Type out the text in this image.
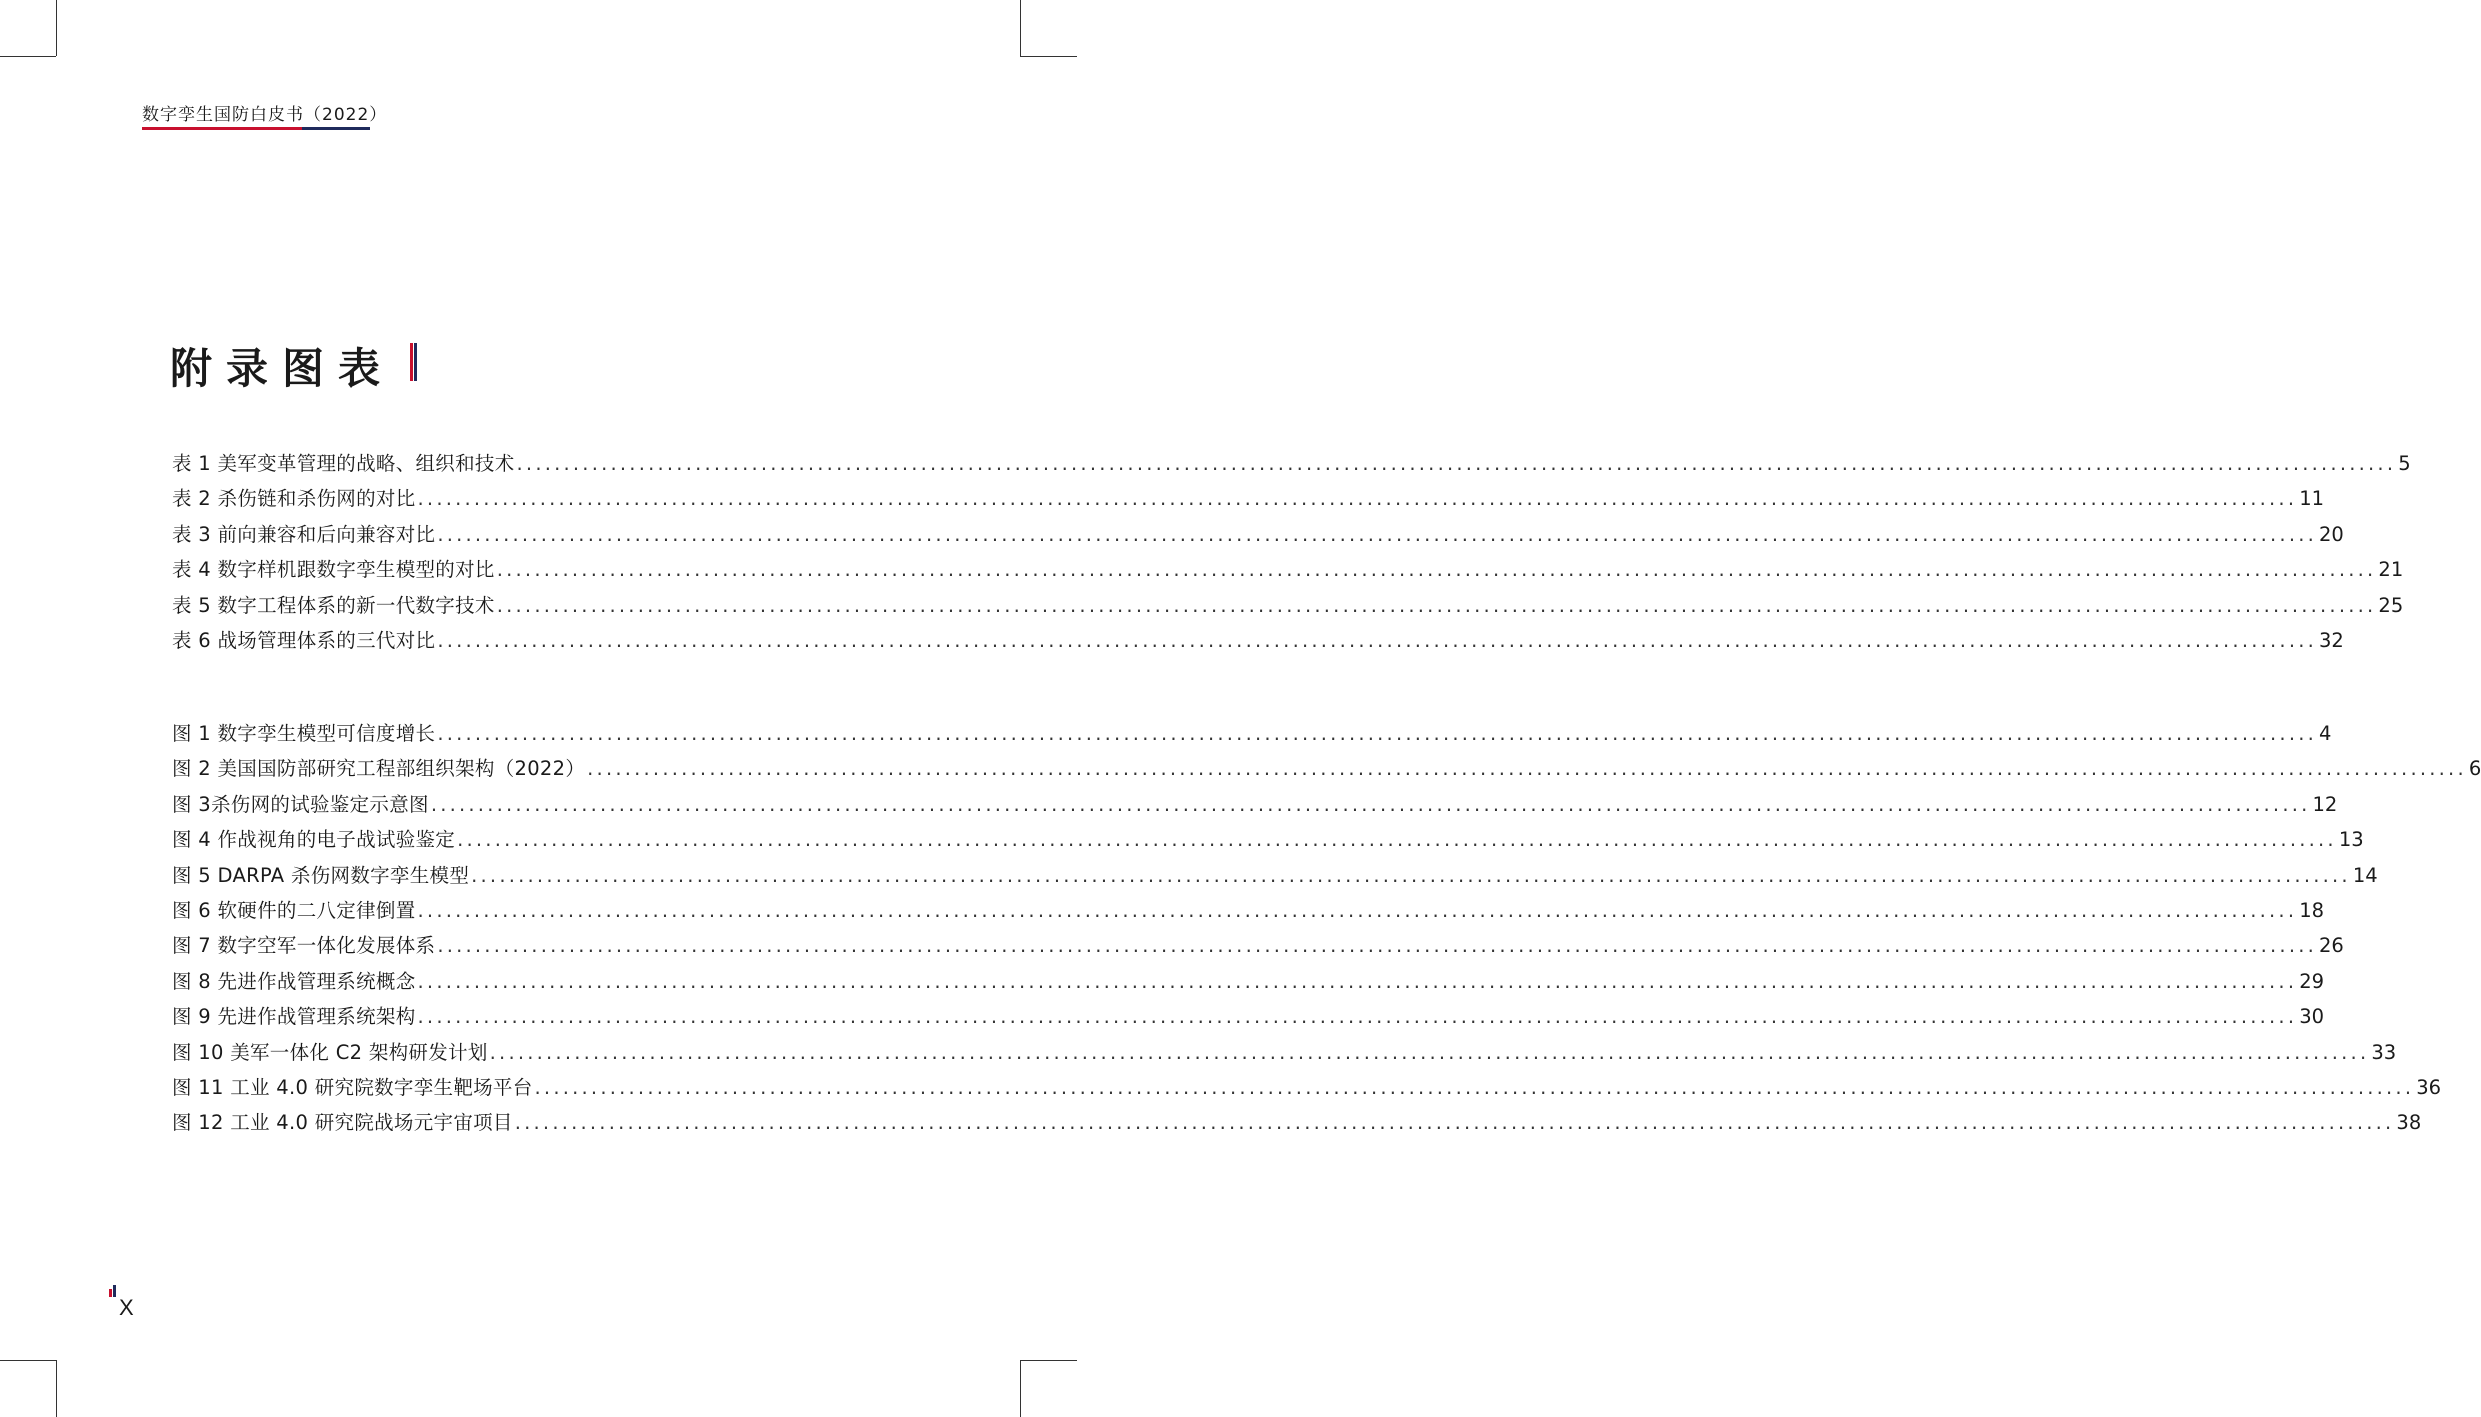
数字孪生国防白皮书（2022）
附录图表
表 1 美军变革管理的战略、组织和技术 ........................................................................................................................................................................................................ 5
表 2 杀伤链和杀伤网的对比 ........................................................................................................................................................................................................ 11
表 3 前向兼容和后向兼容对比 ........................................................................................................................................................................................................ 20
表 4 数字样机跟数字孪生模型的对比 ........................................................................................................................................................................................................ 21
表 5 数字工程体系的新一代数字技术 ........................................................................................................................................................................................................ 25
表 6 战场管理体系的三代对比 ........................................................................................................................................................................................................ 32
图 1 数字孪生模型可信度增长 ........................................................................................................................................................................................................ 4
图 2 美国国防部研究工程部组织架构（2022） ........................................................................................................................................................................................................ 6
图 3杀伤网的试验鉴定示意图 ........................................................................................................................................................................................................ 12
图 4 作战视角的电子战试验鉴定 ........................................................................................................................................................................................................ 13
图 5 DARPA 杀伤网数字孪生模型 ........................................................................................................................................................................................................ 14
图 6 软硬件的二八定律倒置 ........................................................................................................................................................................................................ 18
图 7 数字空军一体化发展体系 ........................................................................................................................................................................................................ 26
图 8 先进作战管理系统概念 ........................................................................................................................................................................................................ 29
图 9 先进作战管理系统架构 ........................................................................................................................................................................................................ 30
图 10 美军一体化 C2 架构研发计划 ........................................................................................................................................................................................................ 33
图 11 工业 4.0 研究院数字孪生靶场平台 ........................................................................................................................................................................................................ 36
图 12 工业 4.0 研究院战场元宇宙项目 ........................................................................................................................................................................................................ 38
X
